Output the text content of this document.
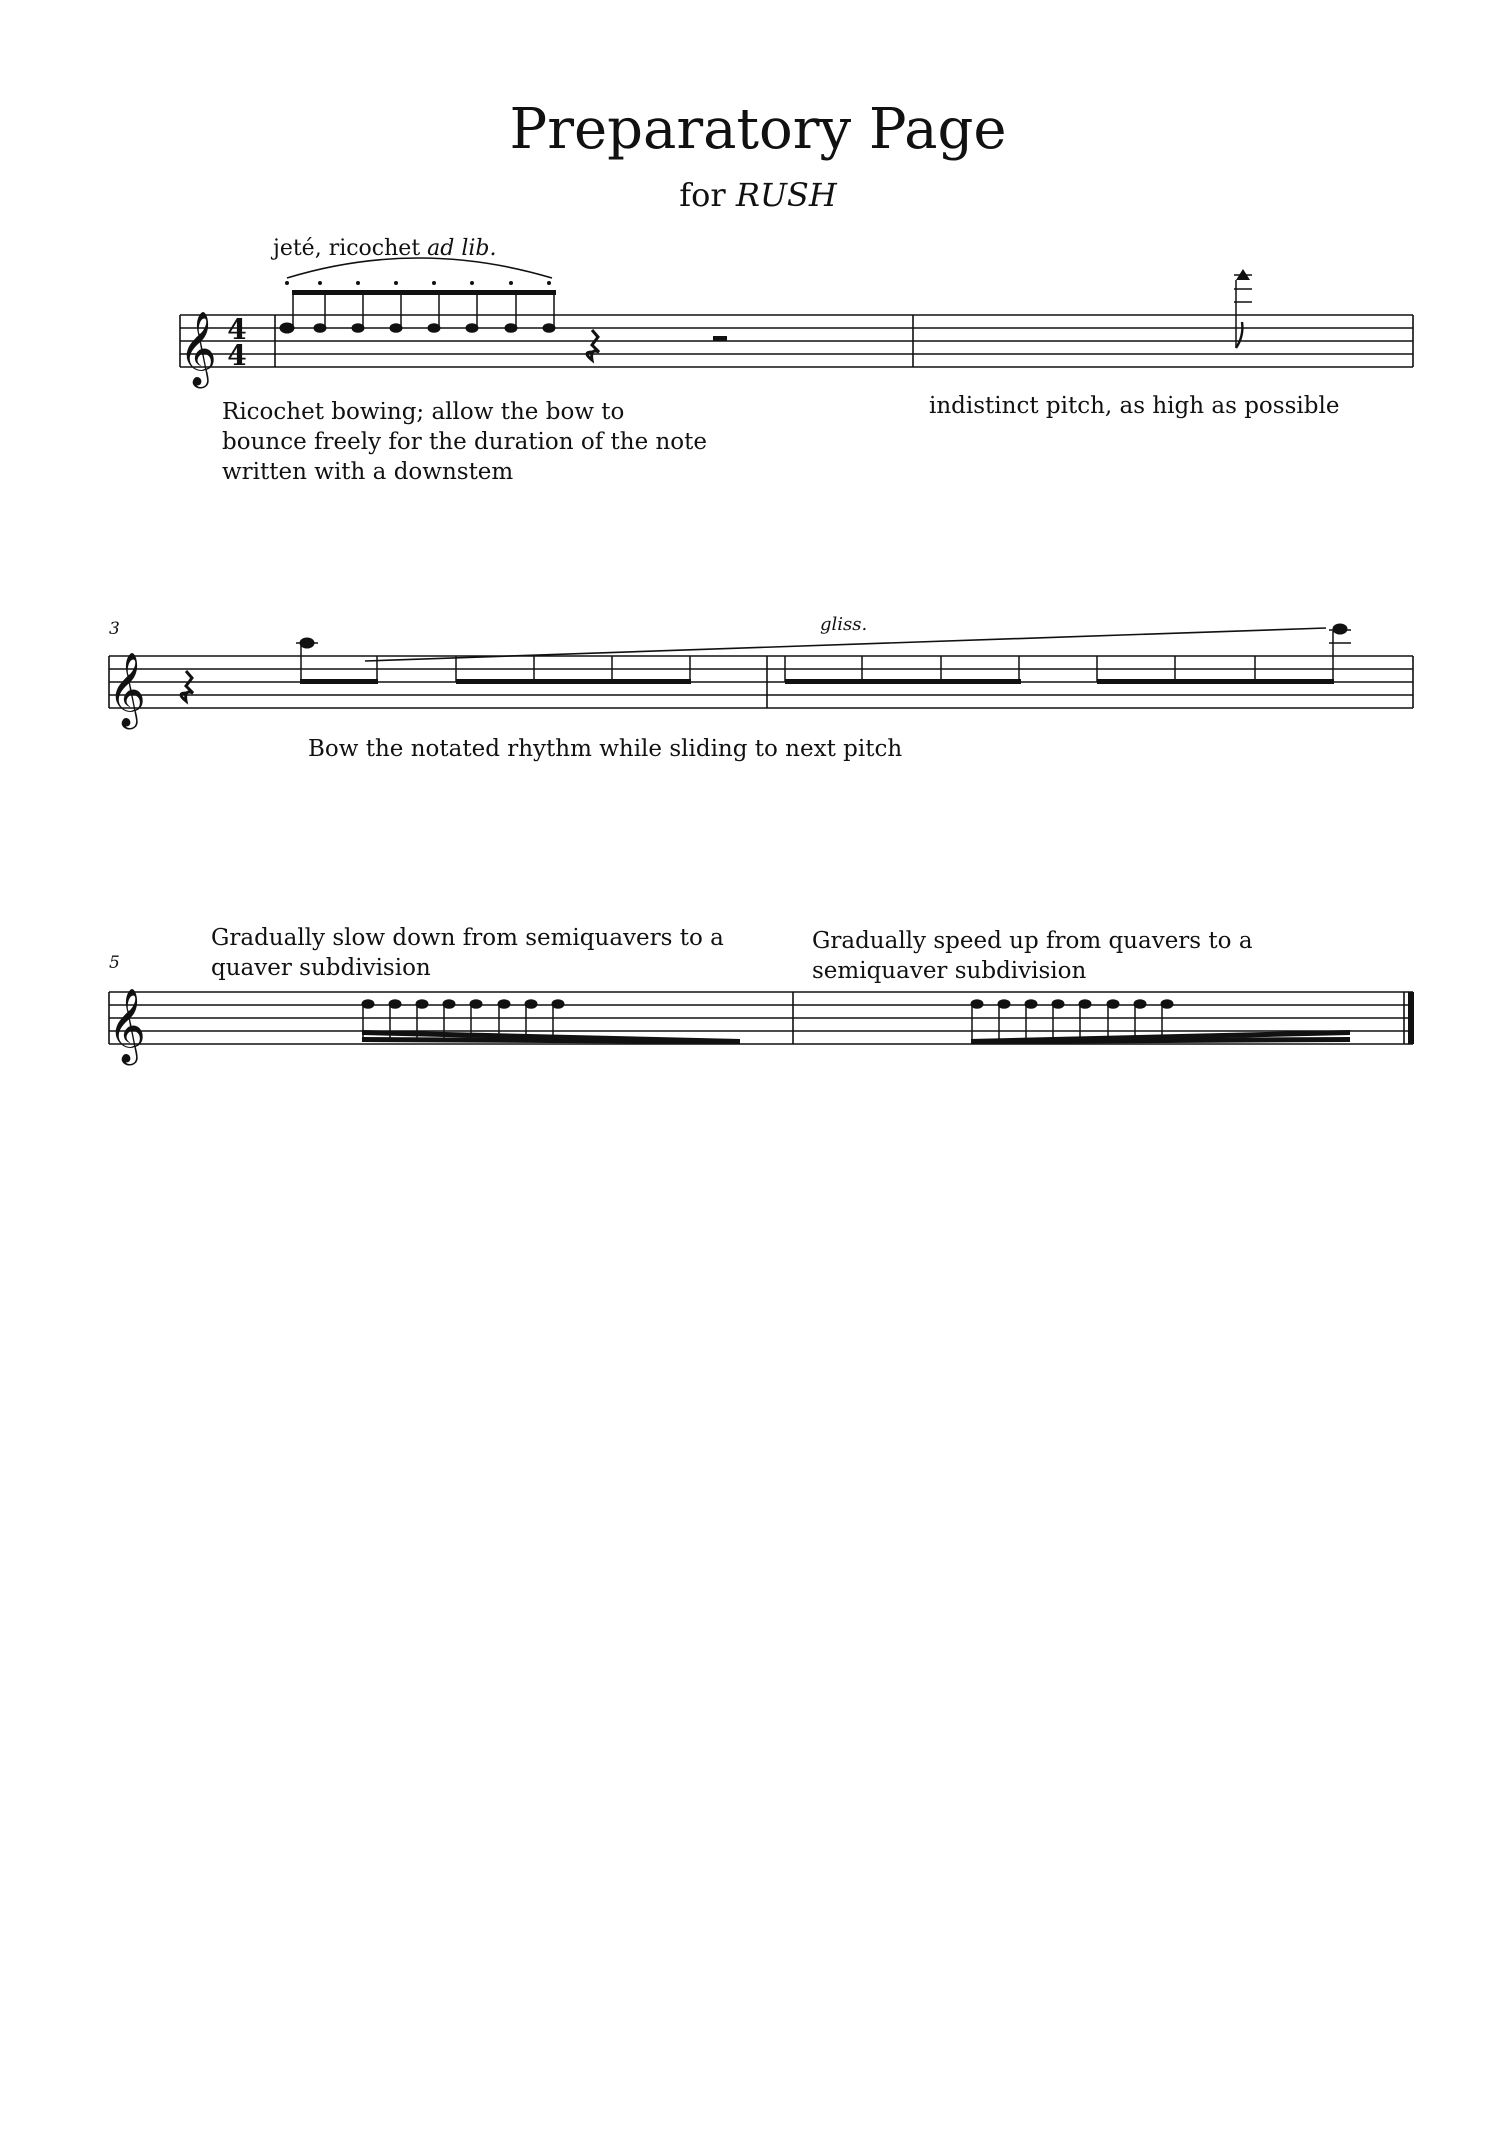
Preparatory Page
for RUSH
𝄞 4
4
jeté, ricochet ad lib.
Ricochet bowing; allow the bow to bounce freely for the duration of the note written with a downstem
indistinct pitch, as high as possible
3
𝄞
gliss.
Bow the notated rhythm while sliding to next pitch
5
𝄞
Gradually slow down from semiquavers to a quaver subdivision
Gradually speed up from quavers to a semiquaver subdivision
